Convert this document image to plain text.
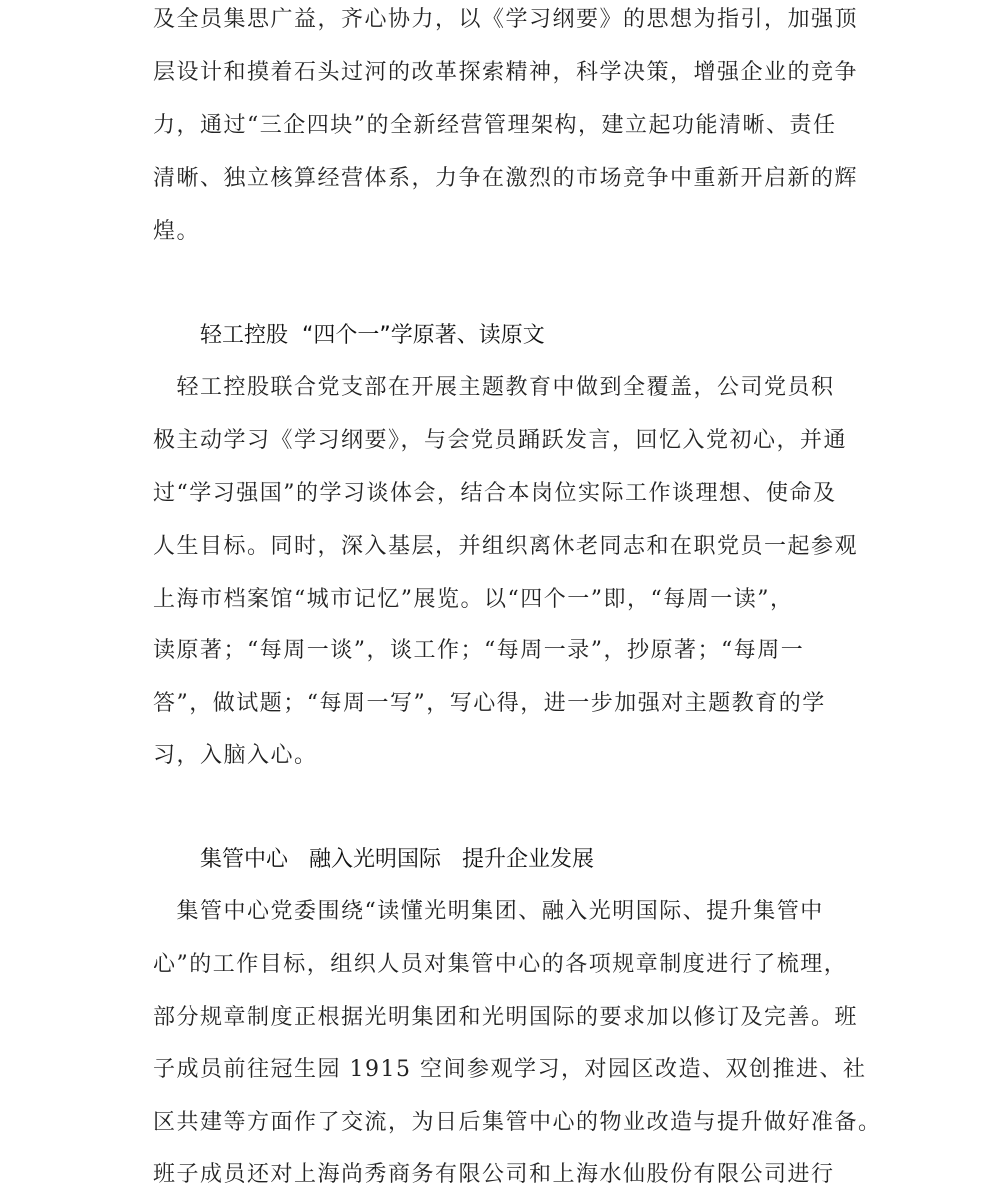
及全员集思广益，齐心协力，以《学习纲要》的思想为指引，加强顶
层设计和摸着石头过河的改革探索精神，科学决策，增强企业的竞争
力，通过“三企四块”的全新经营管理架构，建立起功能清晰、责任
清晰、独立核算经营体系，力争在激烈的市场竞争中重新开启新的辉
煌。
轻工控股  “四个一”学原著、读原文
　轻工控股联合党支部在开展主题教育中做到全覆盖，公司党员积
极主动学习《学习纲要》，与会党员踊跃发言，回忆入党初心，并通
过“学习强国”的学习谈体会，结合本岗位实际工作谈理想、使命及
人生目标。同时，深入基层，并组织离休老同志和在职党员一起参观
上海市档案馆“城市记忆”展览。以“四个一”即，“每周一读”，
读原著；“每周一谈”，谈工作；“每周一录”，抄原著；“每周一
答”，做试题；“每周一写”，写心得，进一步加强对主题教育的学
习，入脑入心。
集管中心   融入光明国际   提升企业发展
　集管中心党委围绕“读懂光明集团、融入光明国际、提升集管中
心”的工作目标，组织人员对集管中心的各项规章制度进行了梳理，
部分规章制度正根据光明集团和光明国际的要求加以修订及完善。班
子成员前往冠生园 1915 空间参观学习，对园区改造、双创推进、社
区共建等方面作了交流，为日后集管中心的物业改造与提升做好准备。
班子成员还对上海尚秀商务有限公司和上海水仙股份有限公司进行
